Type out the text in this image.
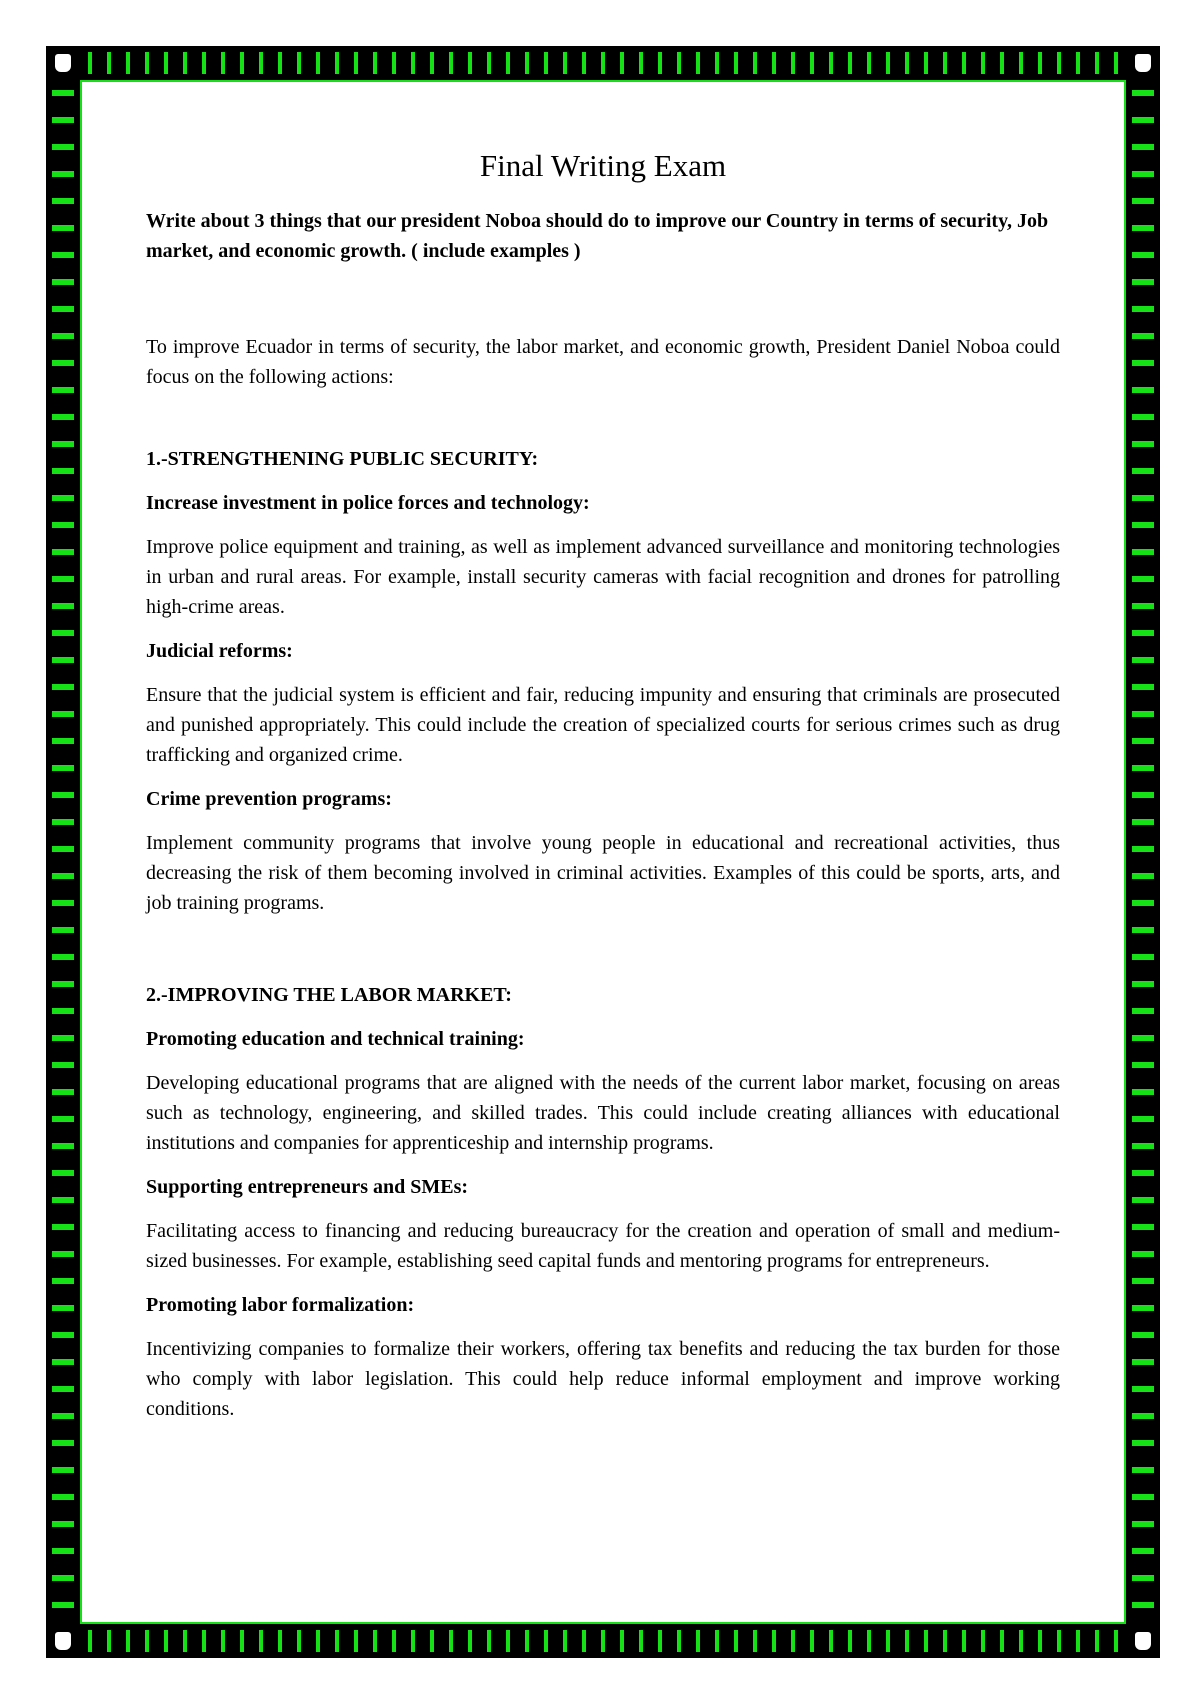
Final Writing Exam

Write about 3 things that our president Noboa should do to improve our Country in terms of security, Job market, and economic growth. ( include examples )

To improve Ecuador in terms of security, the labor market, and economic growth, President Daniel Noboa could focus on the following actions:

1.-STRENGTHENING PUBLIC SECURITY:

Increase investment in police forces and technology:

Improve police equipment and training, as well as implement advanced surveillance and monitoring technologies in urban and rural areas. For example, install security cameras with facial recognition and drones for patrolling high-crime areas.

Judicial reforms:

Ensure that the judicial system is efficient and fair, reducing impunity and ensuring that criminals are prosecuted and punished appropriately. This could include the creation of specialized courts for serious crimes such as drug trafficking and organized crime.

Crime prevention programs:

Implement community programs that involve young people in educational and recreational activities, thus decreasing the risk of them becoming involved in criminal activities. Examples of this could be sports, arts, and job training programs.

2.-IMPROVING THE LABOR MARKET:

Promoting education and technical training:

Developing educational programs that are aligned with the needs of the current labor market, focusing on areas such as technology, engineering, and skilled trades. This could include creating alliances with educational institutions and companies for apprenticeship and internship programs.

Supporting entrepreneurs and SMEs:

Facilitating access to financing and reducing bureaucracy for the creation and operation of small and medium-sized businesses. For example, establishing seed capital funds and mentoring programs for entrepreneurs.

Promoting labor formalization:

Incentivizing companies to formalize their workers, offering tax benefits and reducing the tax burden for those who comply with labor legislation. This could help reduce informal employment and improve working conditions.
